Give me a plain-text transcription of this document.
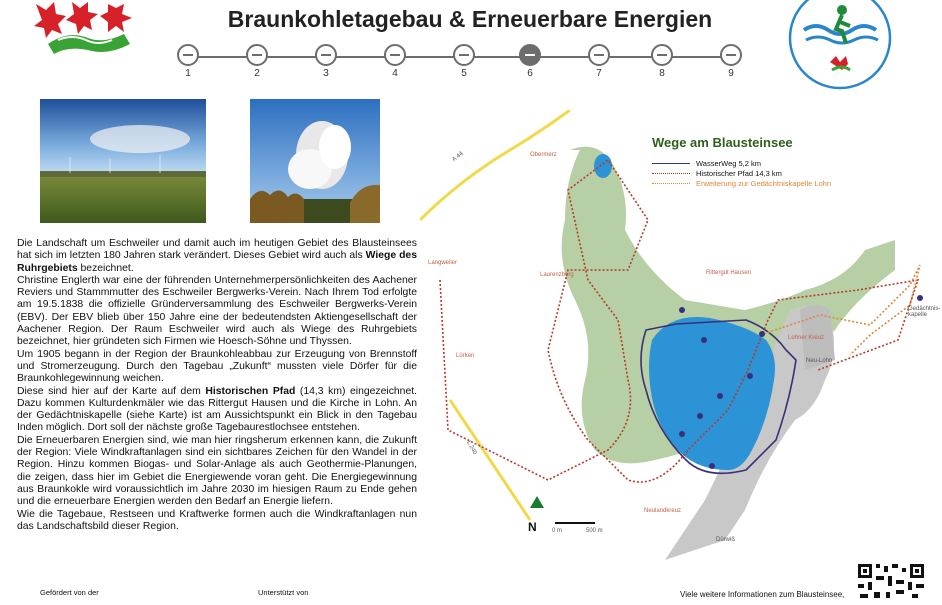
Braunkohletagebau & Erneuerbare Energien
1	2	3	4	5	6	7	8	9

Die Landschaft um Eschweiler und damit auch im heutigen Gebiet des Blausteinsees hat sich im letzten 180 Jahren stark verändert. Dieses Gebiet wird auch als Wiege des Ruhrgebiets bezeichnet.

Christine Englerth war eine der führenden Unternehmerpersönlichkeiten des Aachener Reviers und Stammmutter des Eschweiler Bergwerks-Verein. Nach Ihrem Tod erfolgte am 19.5.1838 die offizielle Gründerversammlung des Eschweiler Bergwerks-Verein (EBV). Der EBV blieb über 150 Jahre eine der bedeutendsten Aktiengesellschaft der Aachener Region. Der Raum Eschweiler wird auch als Wiege des Ruhrgebiets bezeichnet, hier gründeten sich Firmen wie Hoesch-Söhne und Thyssen.

Um 1905 begann in der Region der Braunkohleabbau zur Erzeugung von Brennstoff und Stromerzeugung. Durch den Tagebau „Zukunft“ mussten viele Dörfer für die Braunkohlegewinnung weichen.

Diese sind hier auf der Karte auf dem Historischen Pfad (14,3 km) eingezeichnet. Dazu kommen Kulturdenkmäler wie das Rittergut Hausen und die Kirche in Lohn. An der Gedächtniskapelle (siehe Karte) ist am Aussichtspunkt ein Blick in den Tagebau Inden möglich. Dort soll der nächste große Tagebaurestlochsee entstehen.

Die Erneuerbaren Energien sind, wie man hier ringsherum erkennen kann, die Zukunft der Region: Viele Windkraftanlagen sind ein sichtbares Zeichen für den Wandel in der Region. Hinzu kommen Biogas- und Solar-Anlage als auch Geothermie-Planungen, die zeigen, dass hier im Gebiet die Energiewende voran geht. Die Energiegewinnung aus Braunkokle wird voraussichtlich im Jahre 2030 im hiesigen Raum zu Ende gehen und die erneuerbare Energien werden den Bedarf an Energie liefern.

Wie die Tagebaue, Restseen und Kraftwerke formen auch die Windkraftanlagen nun das Landschaftsbild dieser Region.

Gefördert von der	Unterstützt von	Viele weitere Informationen zum Blausteinsee,
Wege am Blausteinsee
WasserWeg 5,2 km
Historischer Pfad 14,3 km
Erweiterung zur Gedächtniskapelle Lohn
Obermerz
Langweiler
Laurenzberg	Rittergut Hausen
Lürken
Neulandkreuz
Dürwiß
Neu-Lohn
Lohner Kreuz
Gedächtnis-kapelle
A 44
L 240
N	0 m	500 m
